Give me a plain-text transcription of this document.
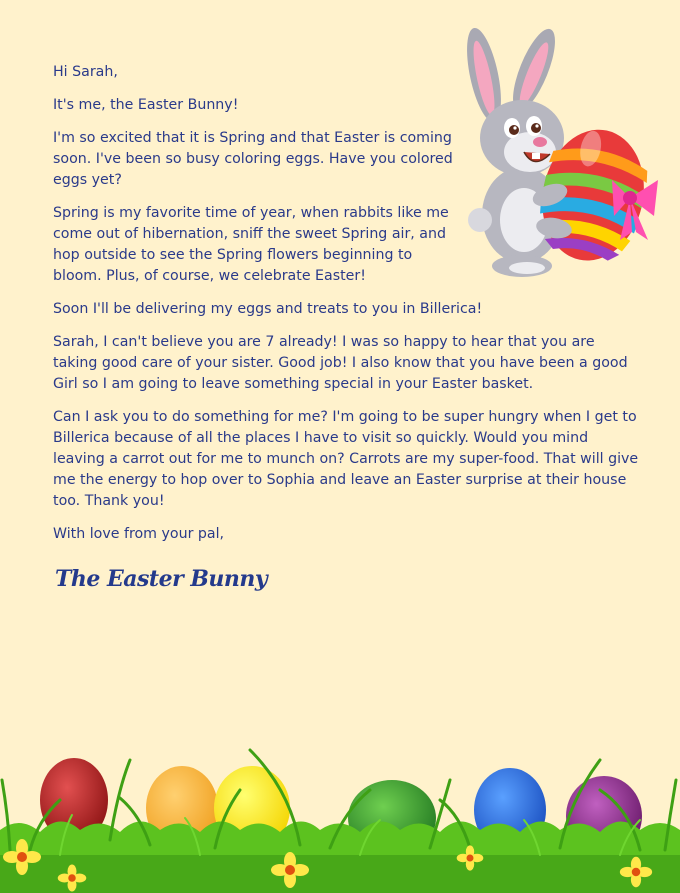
Hi Sarah,

It's me, the Easter Bunny!

I'm so excited that it is Spring and that Easter is coming soon. I've been so busy coloring eggs. Have you colored eggs yet?

Spring is my favorite time of year, when rabbits like me come out of hibernation, sniff the sweet Spring air, and hop outside to see the Spring flowers beginning to bloom. Plus, of course, we celebrate Easter!

Soon I'll be delivering my eggs and treats to you in Billerica!

Sarah, I can't believe you are 7 already! I was so happy to hear that you are taking good care of your sister. Good job! I also know that you have been a good Girl so I am going to leave something special in your Easter basket.

Can I ask you to do something for me? I'm going to be super hungry when I get to Billerica because of all the places I have to visit so quickly. Would you mind leaving a carrot out for me to munch on? Carrots are my super-food. That will give me the energy to hop over to Sophia and leave an Easter surprise at their house too. Thank you!

With love from your pal,

The Easter Bunny
